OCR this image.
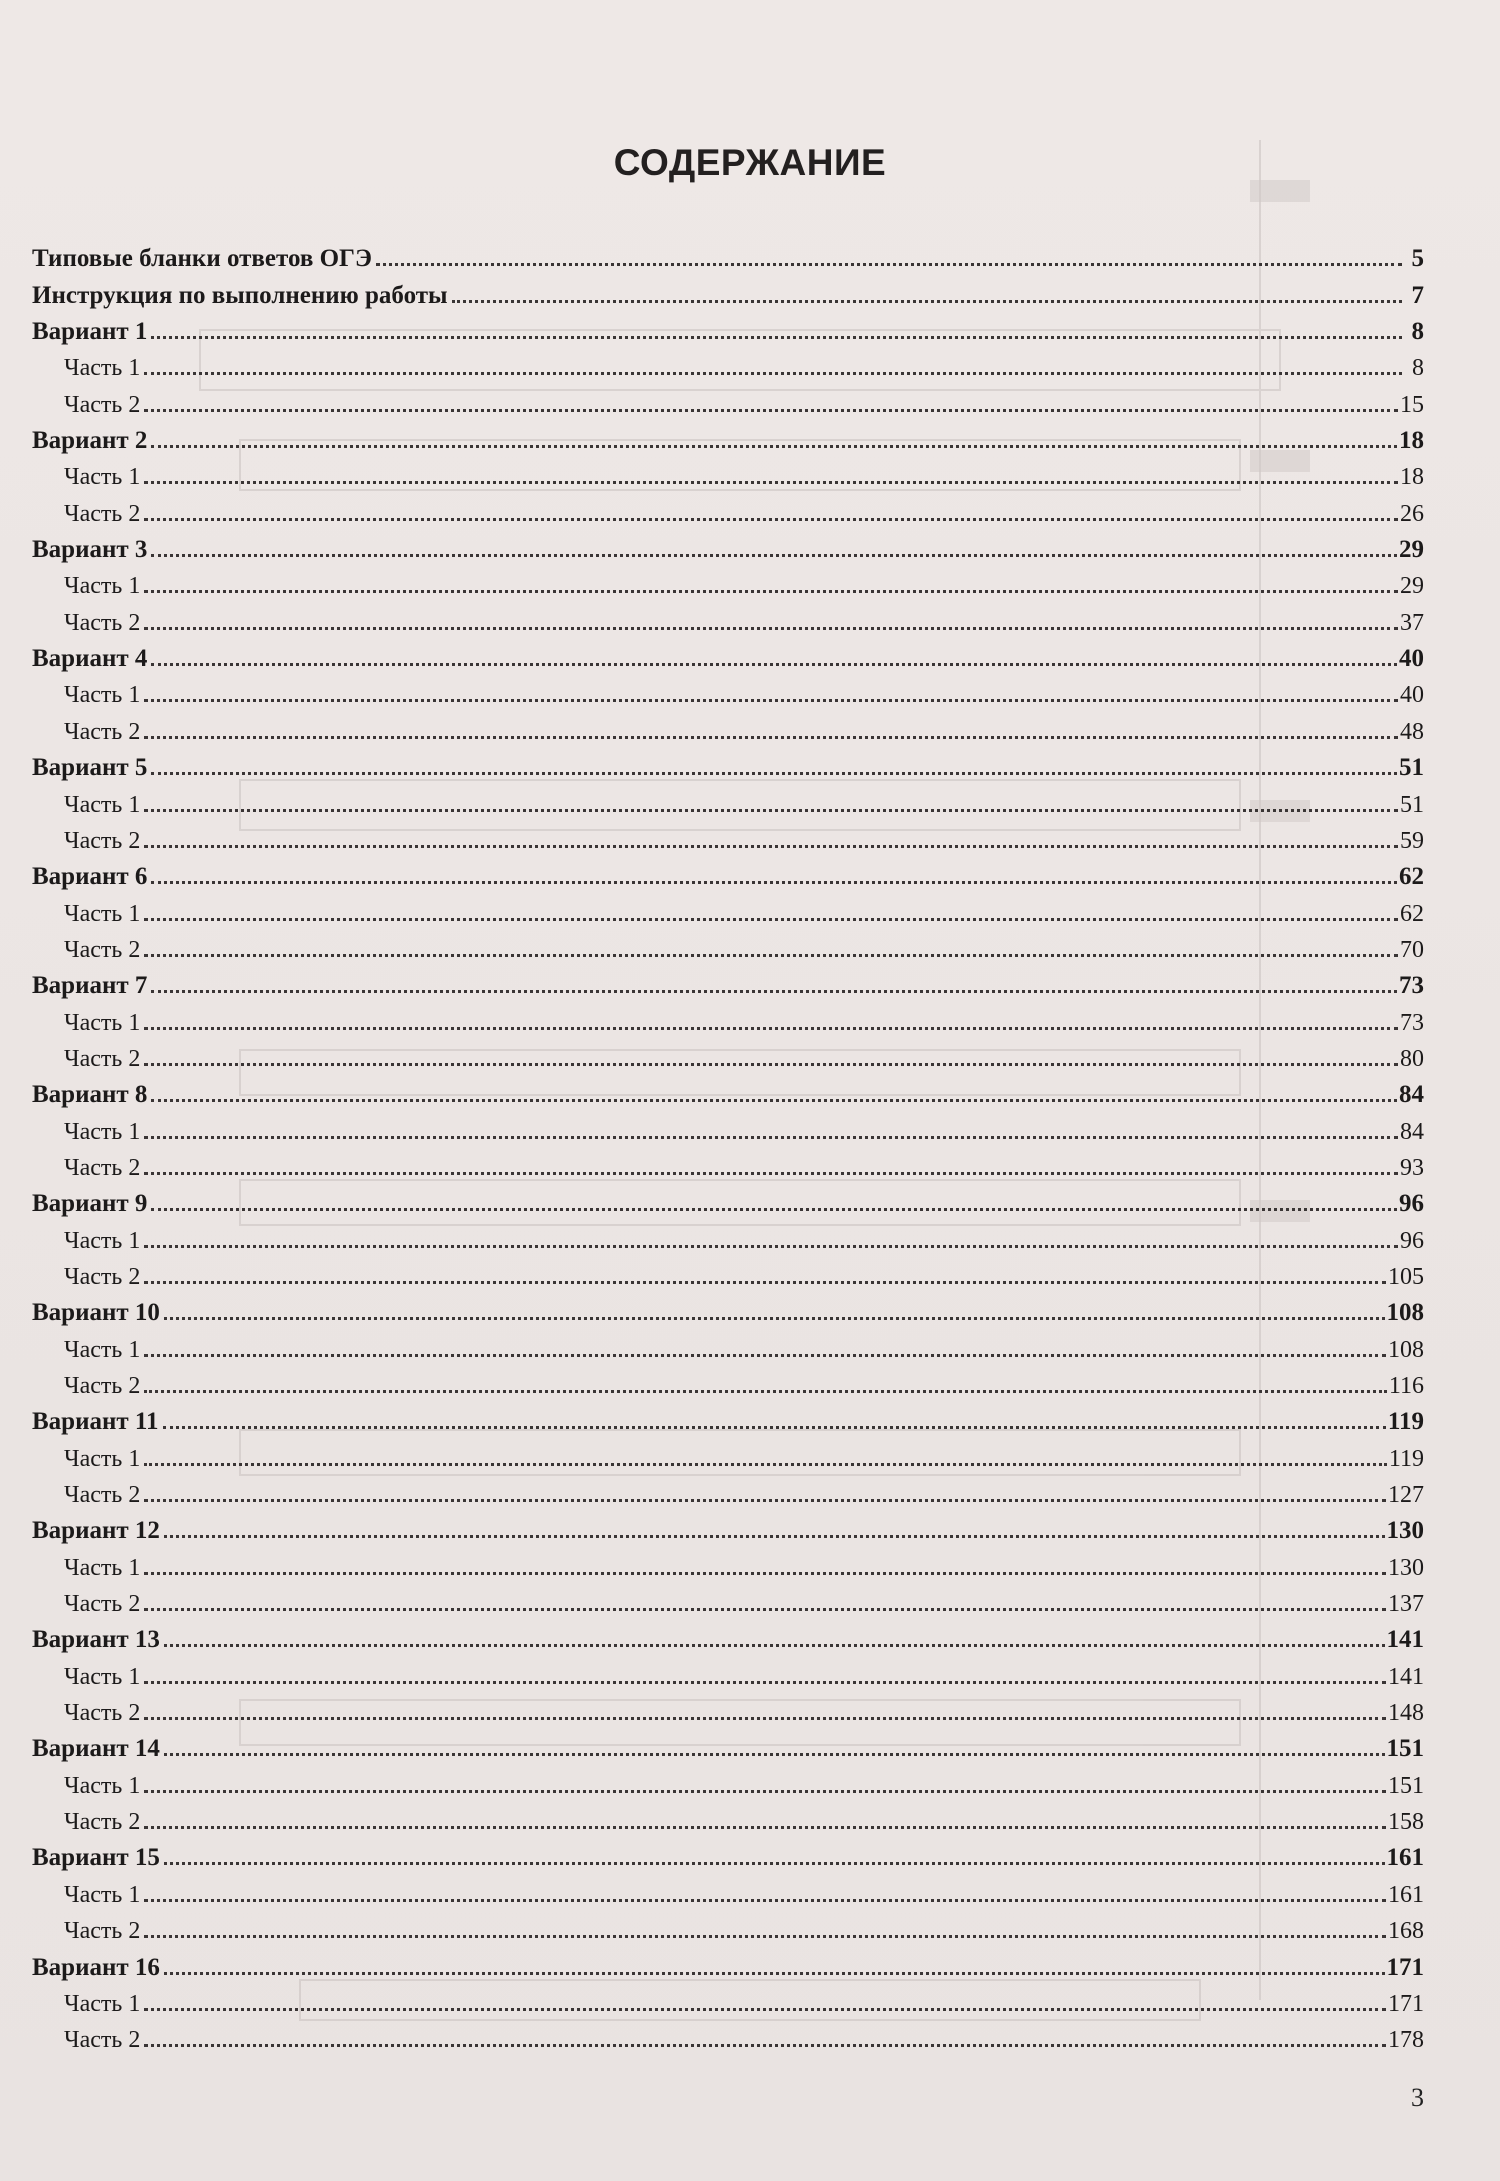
СОДЕРЖАНИЕ
Типовые бланки ответов ОГЭ	5
Инструкция по выполнению работы	7
Вариант 1	8
Часть 1	8
Часть 2	15
Вариант 2	18
Часть 1	18
Часть 2	26
Вариант 3	29
Часть 1	29
Часть 2	37
Вариант 4	40
Часть 1	40
Часть 2	48
Вариант 5	51
Часть 1	51
Часть 2	59
Вариант 6	62
Часть 1	62
Часть 2	70
Вариант 7	73
Часть 1	73
Часть 2	80
Вариант 8	84
Часть 1	84
Часть 2	93
Вариант 9	96
Часть 1	96
Часть 2	105
Вариант 10	108
Часть 1	108
Часть 2	116
Вариант 11	119
Часть 1	119
Часть 2	127
Вариант 12	130
Часть 1	130
Часть 2	137
Вариант 13	141
Часть 1	141
Часть 2	148
Вариант 14	151
Часть 1	151
Часть 2	158
Вариант 15	161
Часть 1	161
Часть 2	168
Вариант 16	171
Часть 1	171
Часть 2	178
3
